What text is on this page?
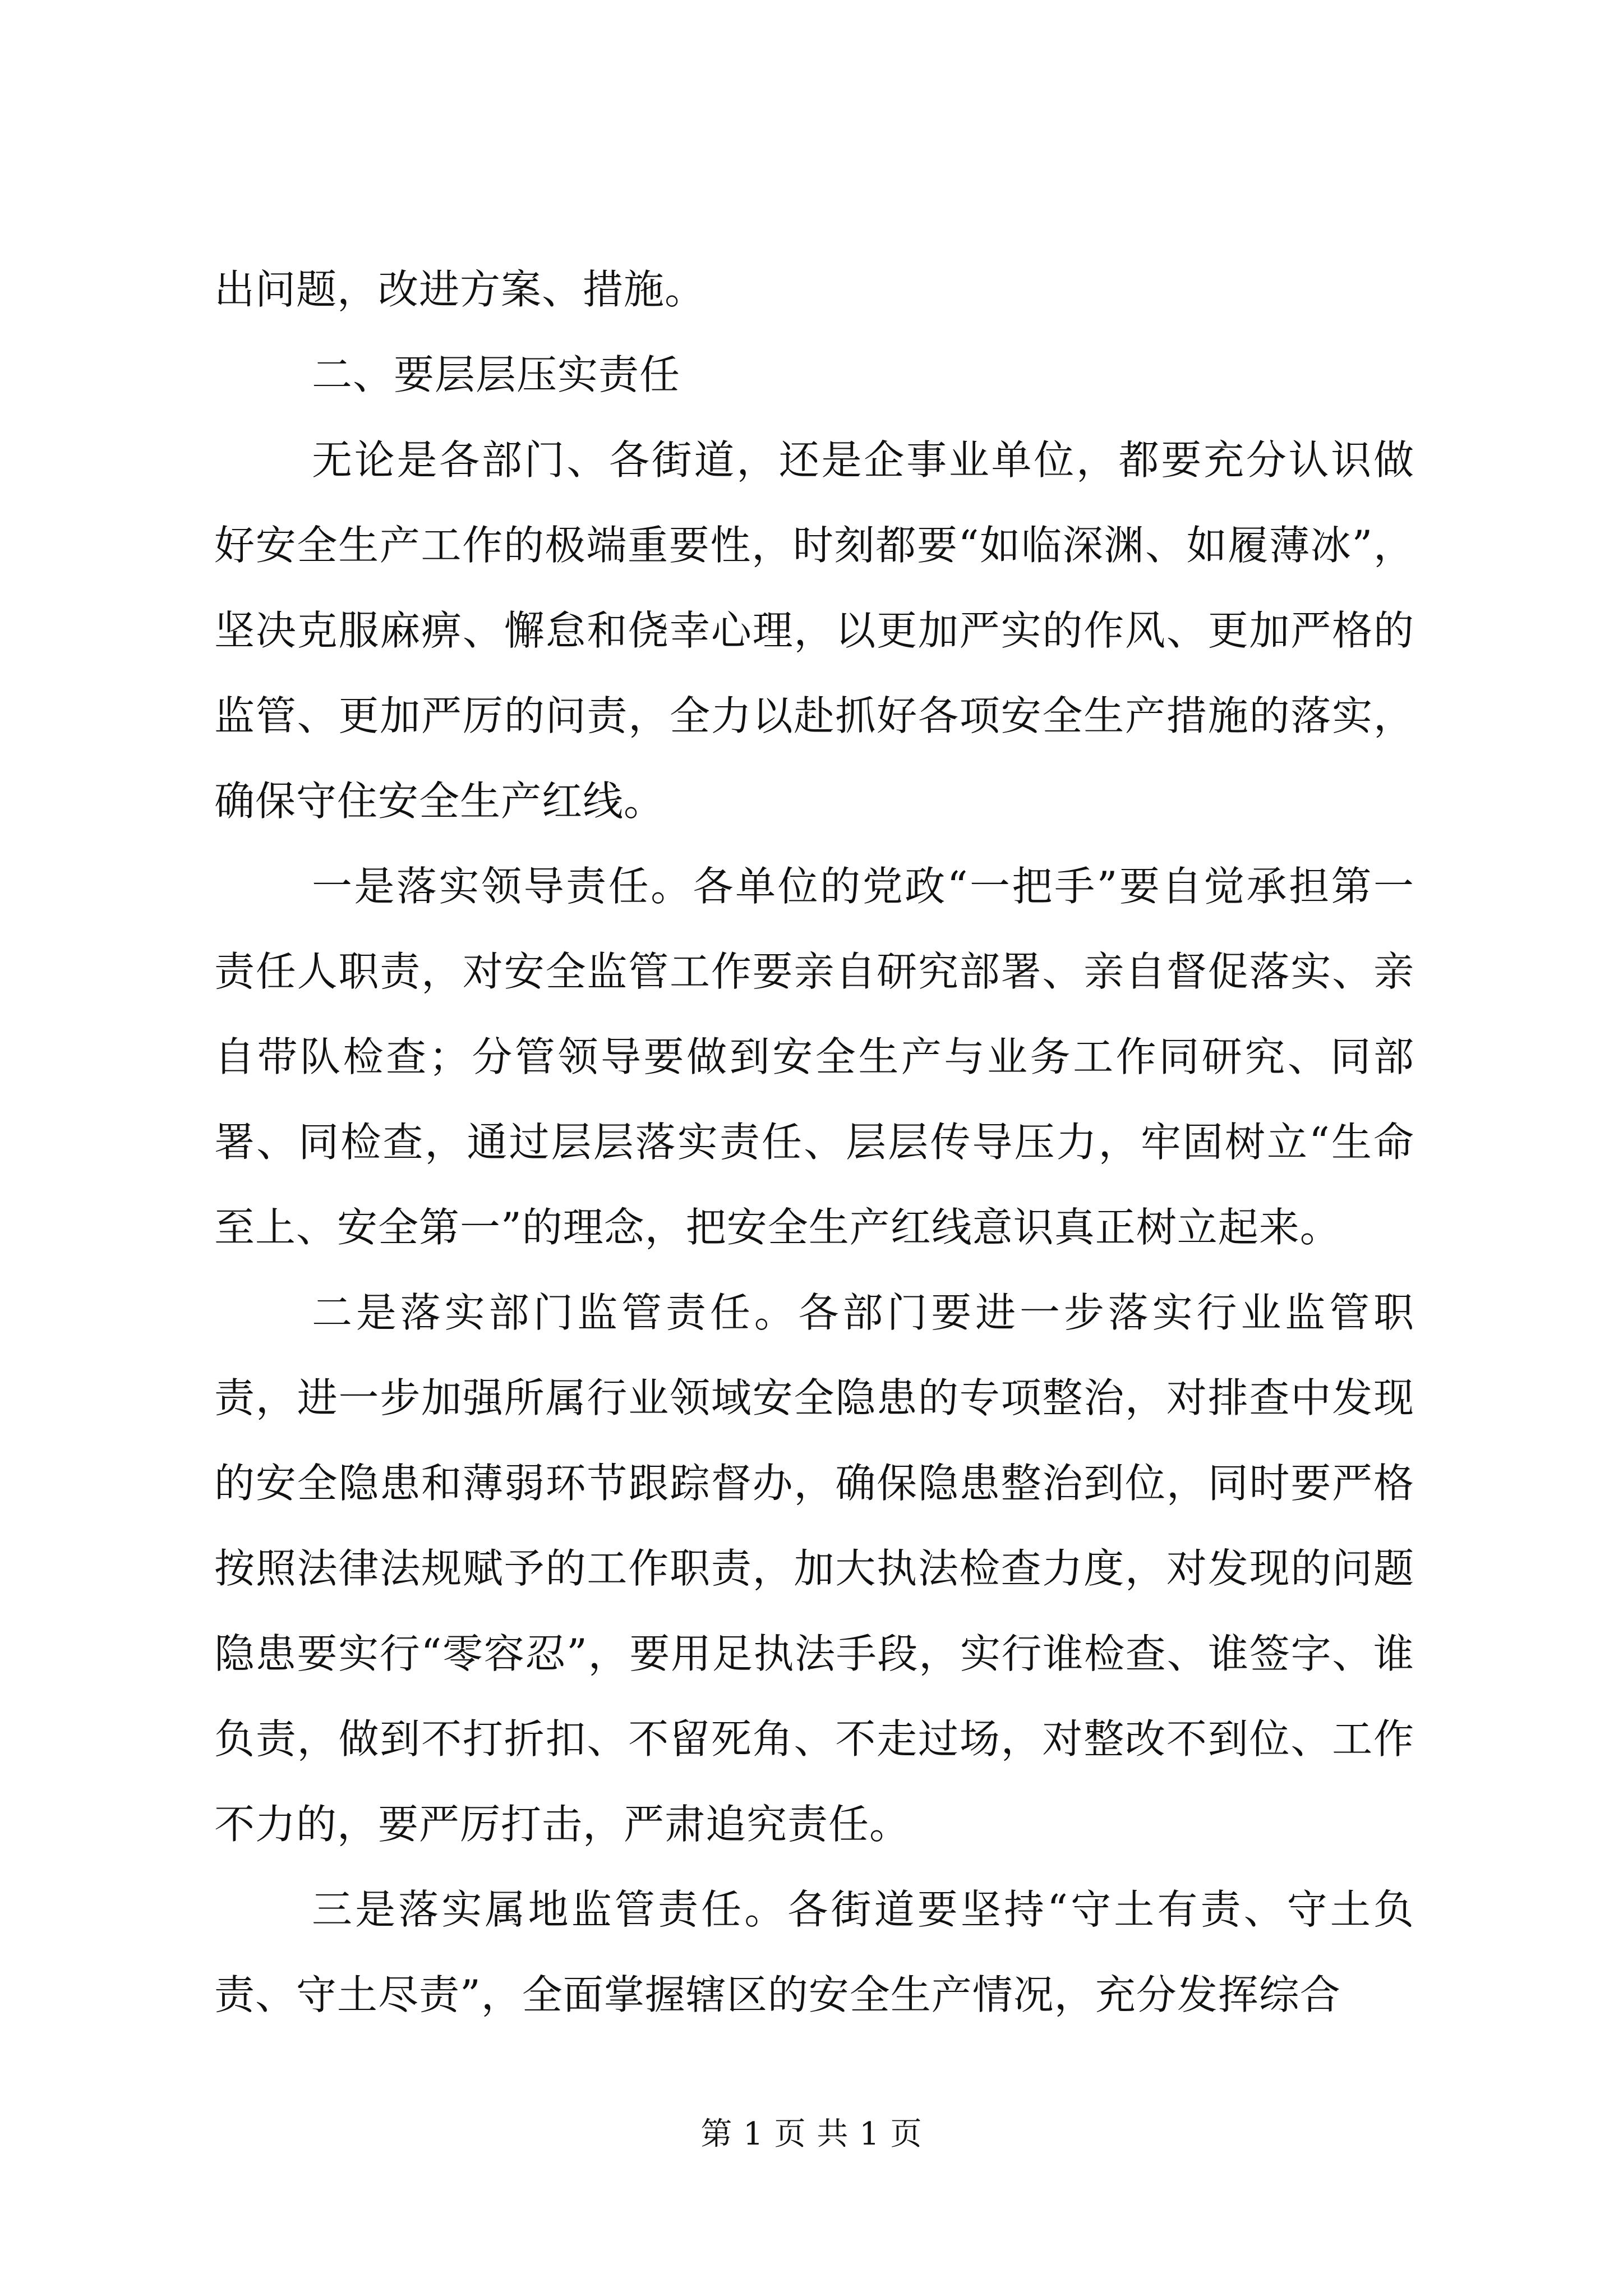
出问题，改进方案、措施。

二、要层层压实责任

无论是各部门、各街道，还是企事业单位，都要充分认识做好安全生产工作的极端重要性，时刻都要“如临深渊、如履薄冰”，坚决克服麻痹、懈怠和侥幸心理，以更加严实的作风、更加严格的监管、更加严厉的问责，全力以赴抓好各项安全生产措施的落实，确保守住安全生产红线。

一是落实领导责任。各单位的党政“一把手”要自觉承担第一责任人职责，对安全监管工作要亲自研究部署、亲自督促落实、亲自带队检查；分管领导要做到安全生产与业务工作同研究、同部署、同检查，通过层层落实责任、层层传导压力，牢固树立“生命至上、安全第一”的理念，把安全生产红线意识真正树立起来。

二是落实部门监管责任。各部门要进一步落实行业监管职责，进一步加强所属行业领域安全隐患的专项整治，对排查中发现的安全隐患和薄弱环节跟踪督办，确保隐患整治到位，同时要严格按照法律法规赋予的工作职责，加大执法检查力度，对发现的问题隐患要实行“零容忍”，要用足执法手段，实行谁检查、谁签字、谁负责，做到不打折扣、不留死角、不走过场，对整改不到位、工作不力的，要严厉打击，严肃追究责任。

三是落实属地监管责任。各街道要坚持“守土有责、守土负责、守土尽责”，全面掌握辖区的安全生产情况，充分发挥综合

第 1 页 共 1 页
